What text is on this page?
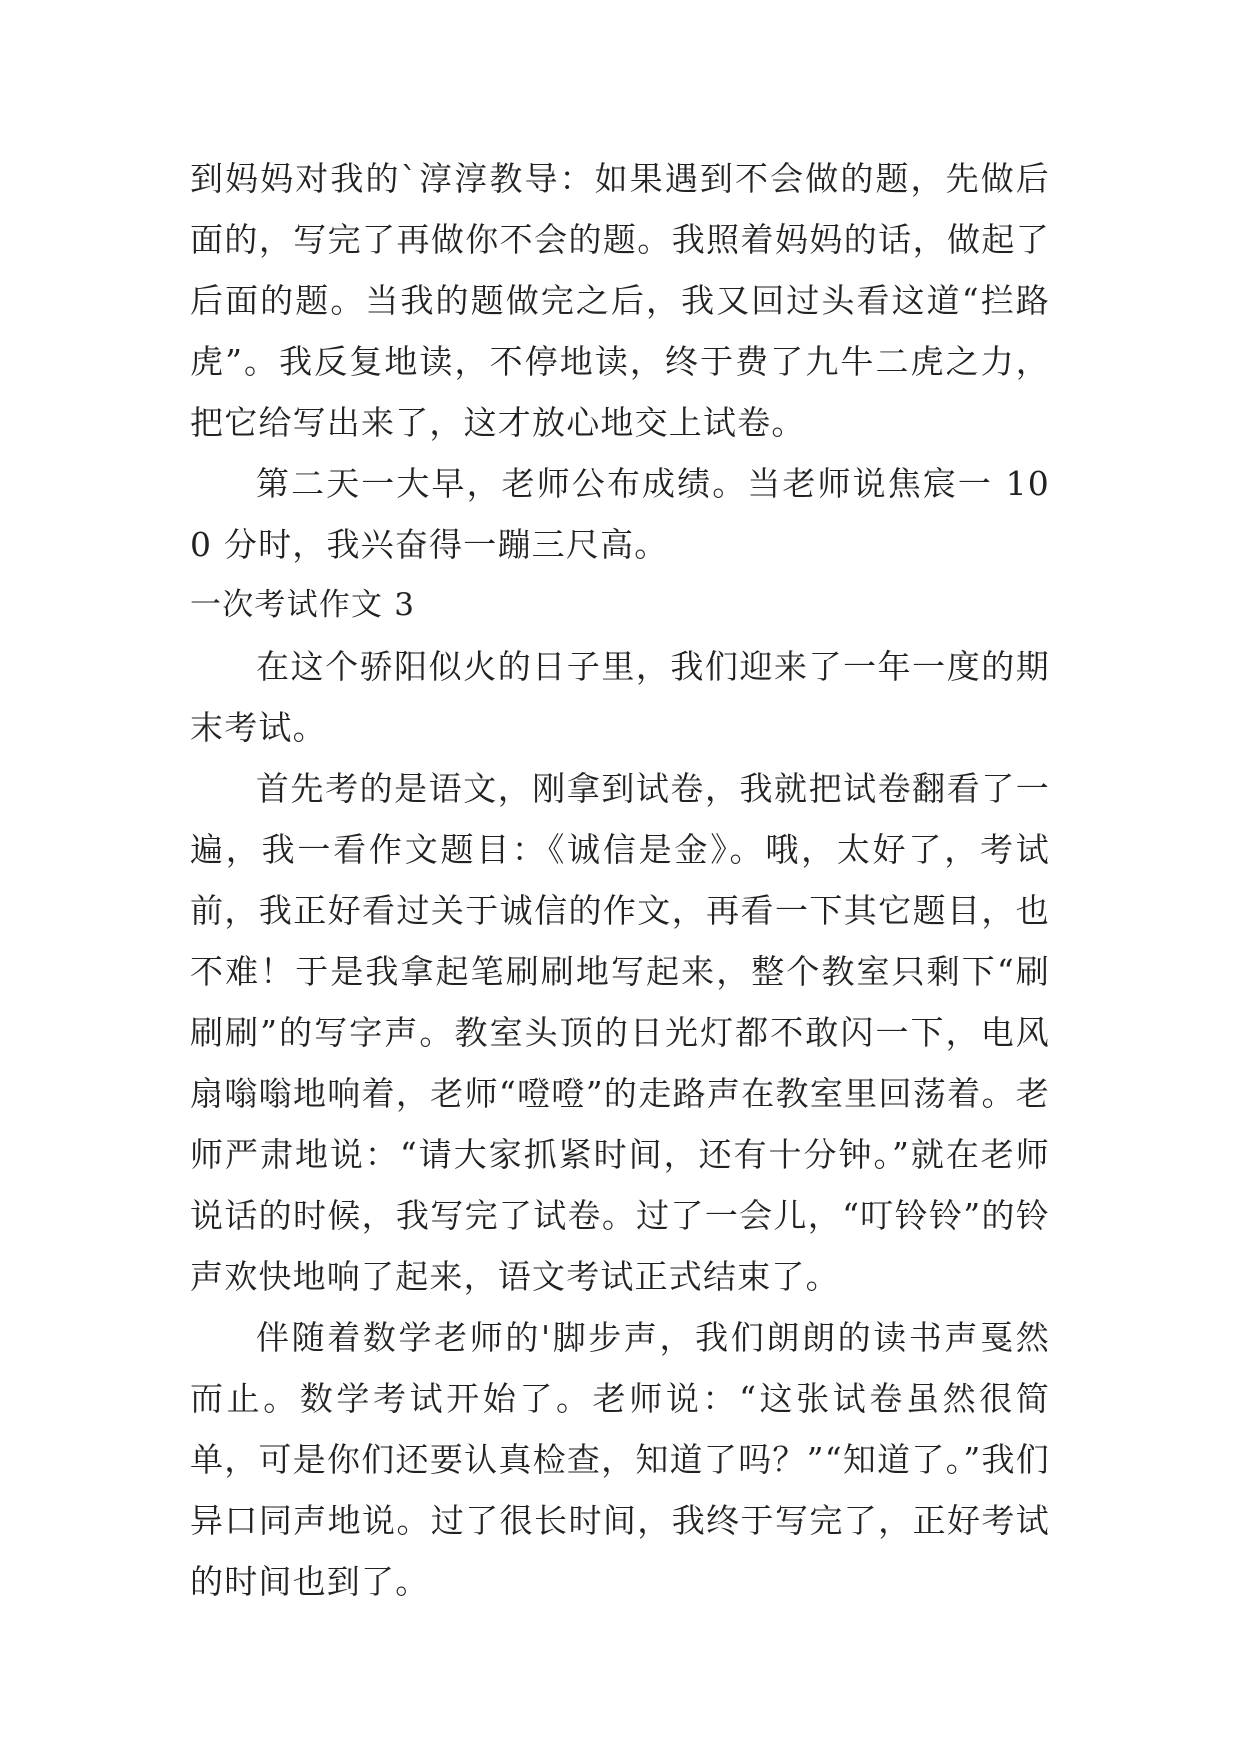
到妈妈对我的`淳淳教导：如果遇到不会做的题，先做后面的，写完了再做你不会的题。我照着妈妈的话，做起了后面的题。当我的题做完之后，我又回过头看这道“拦路虎”。我反复地读，不停地读，终于费了九牛二虎之力，把它给写出来了，这才放心地交上试卷。

第二天一大早，老师公布成绩。当老师说焦宸一 100 分时，我兴奋得一蹦三尺高。

一次考试作文 3

在这个骄阳似火的日子里，我们迎来了一年一度的期末考试。

首先考的是语文，刚拿到试卷，我就把试卷翻看了一遍，我一看作文题目：《诚信是金》。哦，太好了，考试前，我正好看过关于诚信的作文，再看一下其它题目，也不难！于是我拿起笔刷刷地写起来，整个教室只剩下“刷刷刷”的写字声。教室头顶的日光灯都不敢闪一下，电风扇嗡嗡地响着，老师“噔噔”的走路声在教室里回荡着。老师严肃地说：“请大家抓紧时间，还有十分钟。”就在老师说话的时候，我写完了试卷。过了一会儿，“叮铃铃”的铃声欢快地响了起来，语文考试正式结束了。

伴随着数学老师的'脚步声，我们朗朗的读书声戛然而止。数学考试开始了。老师说：“这张试卷虽然很简单，可是你们还要认真检查，知道了吗？”“知道了。”我们异口同声地说。过了很长时间，我终于写完了，正好考试的时间也到了。
